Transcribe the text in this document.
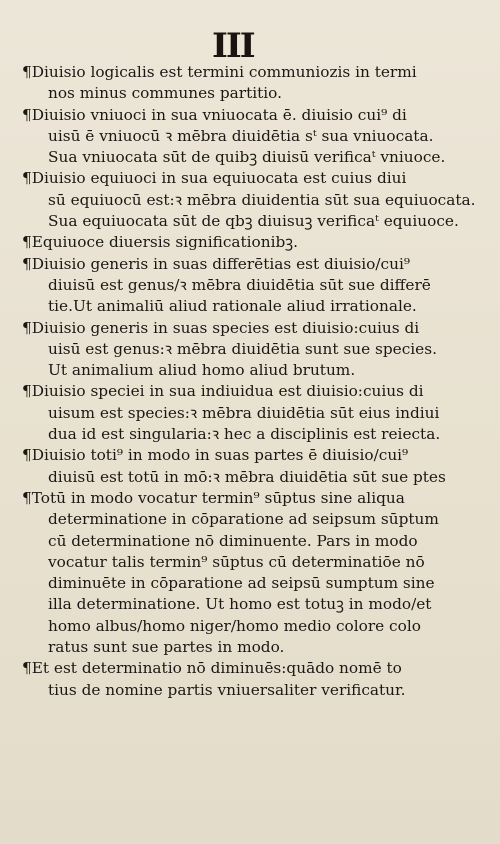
III
¶Diuisio logicalis est termini communiozis in termi
nos minus communes partitio.
¶Diuisio vniuoci in sua vniuocata ē. diuisio cui⁹ di
uisū ē vniuocū ꝛ mēbra diuidētia sᵗ sua vniuocata.
Sua vniuocata sūt de quibꝫ diuisū verificaᵗ vniuoce.
¶Diuisio equiuoci in sua equiuocata est cuius diui
sū equiuocū est:ꝛ mēbra diuidentia sūt sua equiuocata.
Sua equiuocata sūt de qbꝫ diuisuꝫ verificaᵗ equiuoce.
¶Equiuoce diuersis significationibꝫ.
¶Diuisio generis in suas differētias est diuisio/cui⁹
diuisū est genus/ꝛ mēbra diuidētia sūt sue differē
tie.Ut animaliū aliud rationale aliud irrationale.
¶Diuisio generis in suas species est diuisio:cuius di
uisū est genus:ꝛ mēbra diuidētia sunt sue species.
Ut animalium aliud homo aliud brutum.
¶Diuisio speciei in sua indiuidua est diuisio:cuius di
uisum est species:ꝛ mēbra diuidētia sūt eius indiui
dua id est singularia:ꝛ hec a disciplinis est reiecta.
¶Diuisio toti⁹ in modo in suas partes ē diuisio/cui⁹
diuisū est totū in mō:ꝛ mēbra diuidētia sūt sue ptes
¶Totū in modo vocatur termin⁹ sūptus sine aliqua
determinatione in cōparatione ad seipsum sūptum
cū determinatione nō diminuente. Pars in modo
vocatur talis termin⁹ sūptus cū determinatiōe nō
diminuēte in cōparatione ad seipsū sumptum sine
illa determinatione. Ut homo est totuꝫ in modo/et
homo albus/homo niger/homo medio colore colo
ratus sunt sue partes in modo.
¶Et est determinatio nō diminuēs:quādo nomē to
tius de nomine partis vniuersaliter verificatur.
